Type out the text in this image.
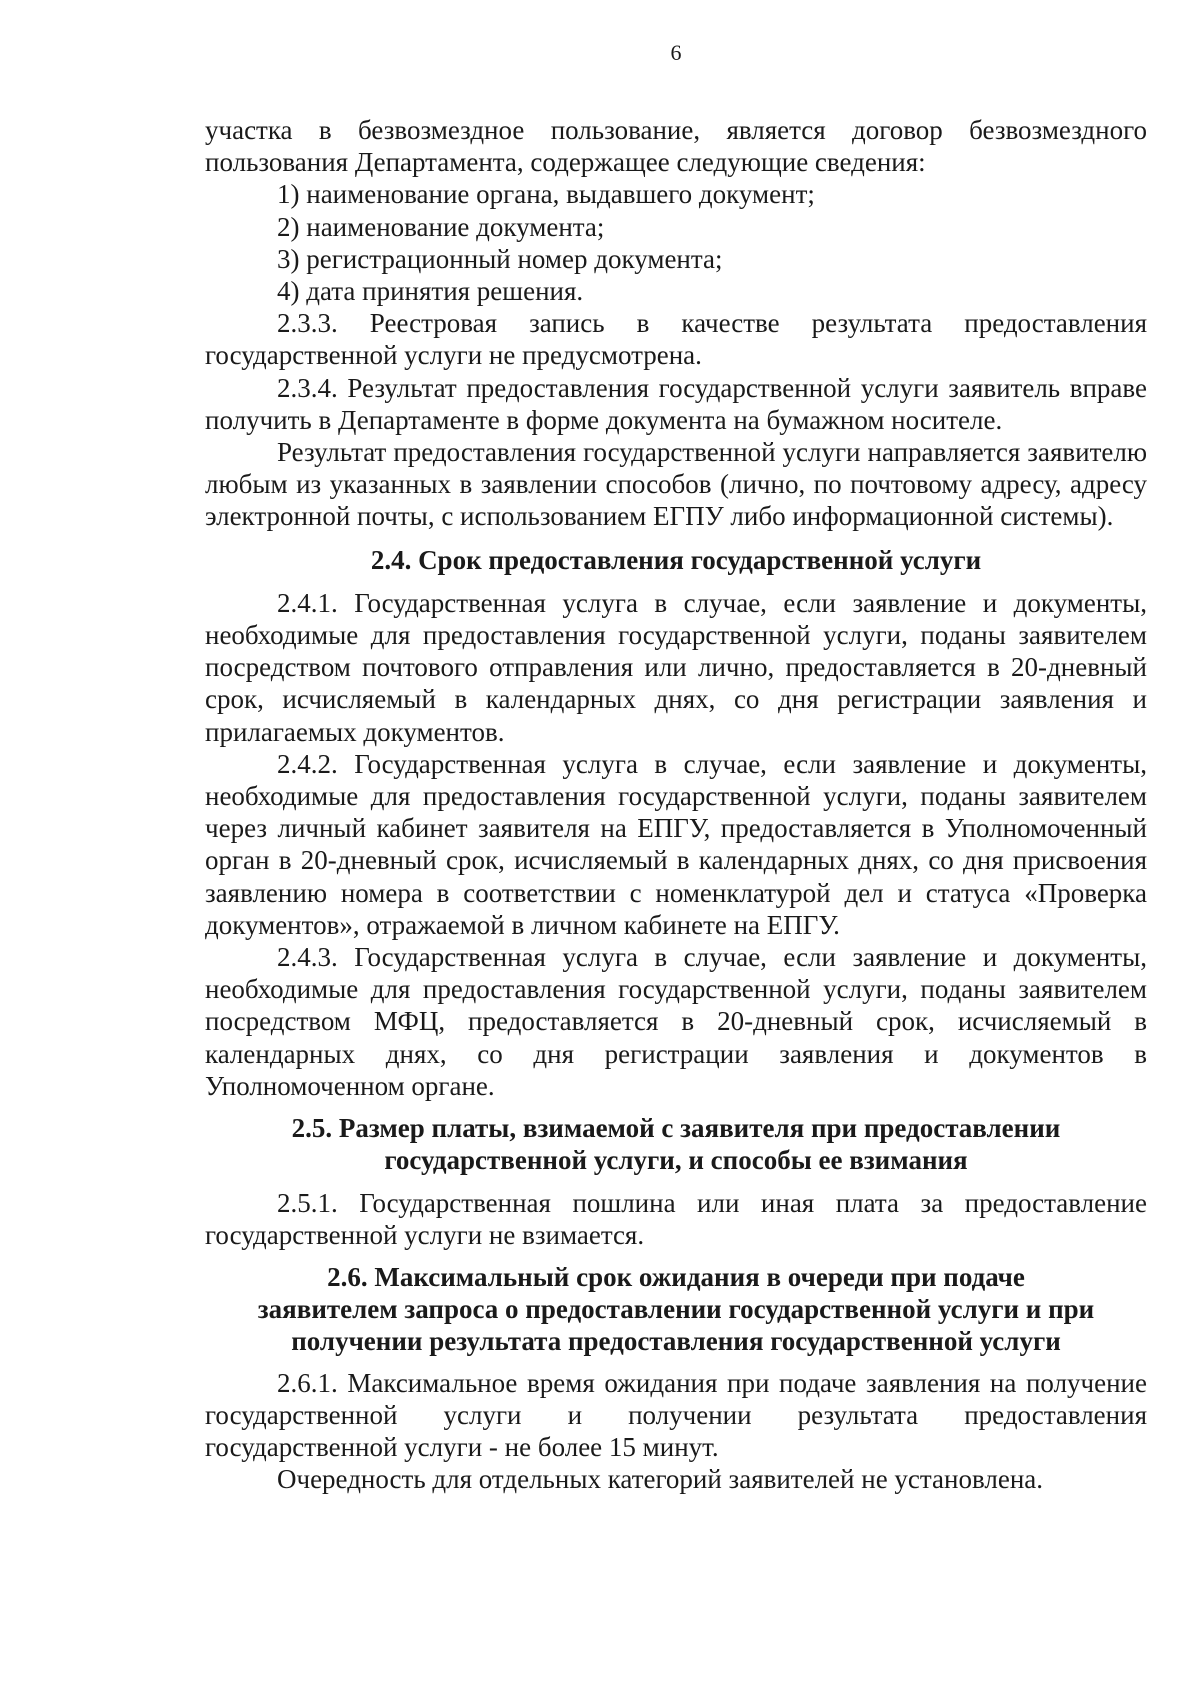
6

участка в безвозмездное пользование, является договор безвозмездного пользования Департамента, содержащее следующие сведения:

1) наименование органа, выдавшего документ;

2) наименование документа;

3) регистрационный номер документа;

4) дата принятия решения.

2.3.3. Реестровая запись в качестве результата предоставления государственной услуги не предусмотрена.

2.3.4. Результат предоставления государственной услуги заявитель вправе получить в Департаменте в форме документа на бумажном носителе.

Результат предоставления государственной услуги направляется заявителю любым из указанных в заявлении способов (лично, по почтовому адресу, адресу электронной почты, с использованием ЕГПУ либо информационной системы).

2.4. Срок предоставления государственной услуги

2.4.1. Государственная услуга в случае, если заявление и документы, необходимые для предоставления государственной услуги, поданы заявителем посредством почтового отправления или лично, предоставляется в 20-дневный срок, исчисляемый в календарных днях, со дня регистрации заявления и прилагаемых документов.

2.4.2. Государственная услуга в случае, если заявление и документы, необходимые для предоставления государственной услуги, поданы заявителем через личный кабинет заявителя на ЕПГУ, предоставляется в Уполномоченный орган в 20-дневный срок, исчисляемый в календарных днях, со дня присвоения заявлению номера в соответствии с номенклатурой дел и статуса «Проверка документов», отражаемой в личном кабинете на ЕПГУ.

2.4.3. Государственная услуга в случае, если заявление и документы, необходимые для предоставления государственной услуги, поданы заявителем посредством МФЦ, предоставляется в 20-дневный срок, исчисляемый в календарных днях, со дня регистрации заявления и документов в Уполномоченном органе.

2.5. Размер платы, взимаемой с заявителя при предоставлении
государственной услуги, и способы ее взимания

2.5.1. Государственная пошлина или иная плата за предоставление государственной услуги не взимается.

2.6. Максимальный срок ожидания в очереди при подаче
заявителем запроса о предоставлении государственной услуги и при
получении результата предоставления государственной услуги

2.6.1. Максимальное время ожидания при подаче заявления на получение государственной услуги и получении результата предоставления государственной услуги - не более 15 минут.

Очередность для отдельных категорий заявителей не установлена.
